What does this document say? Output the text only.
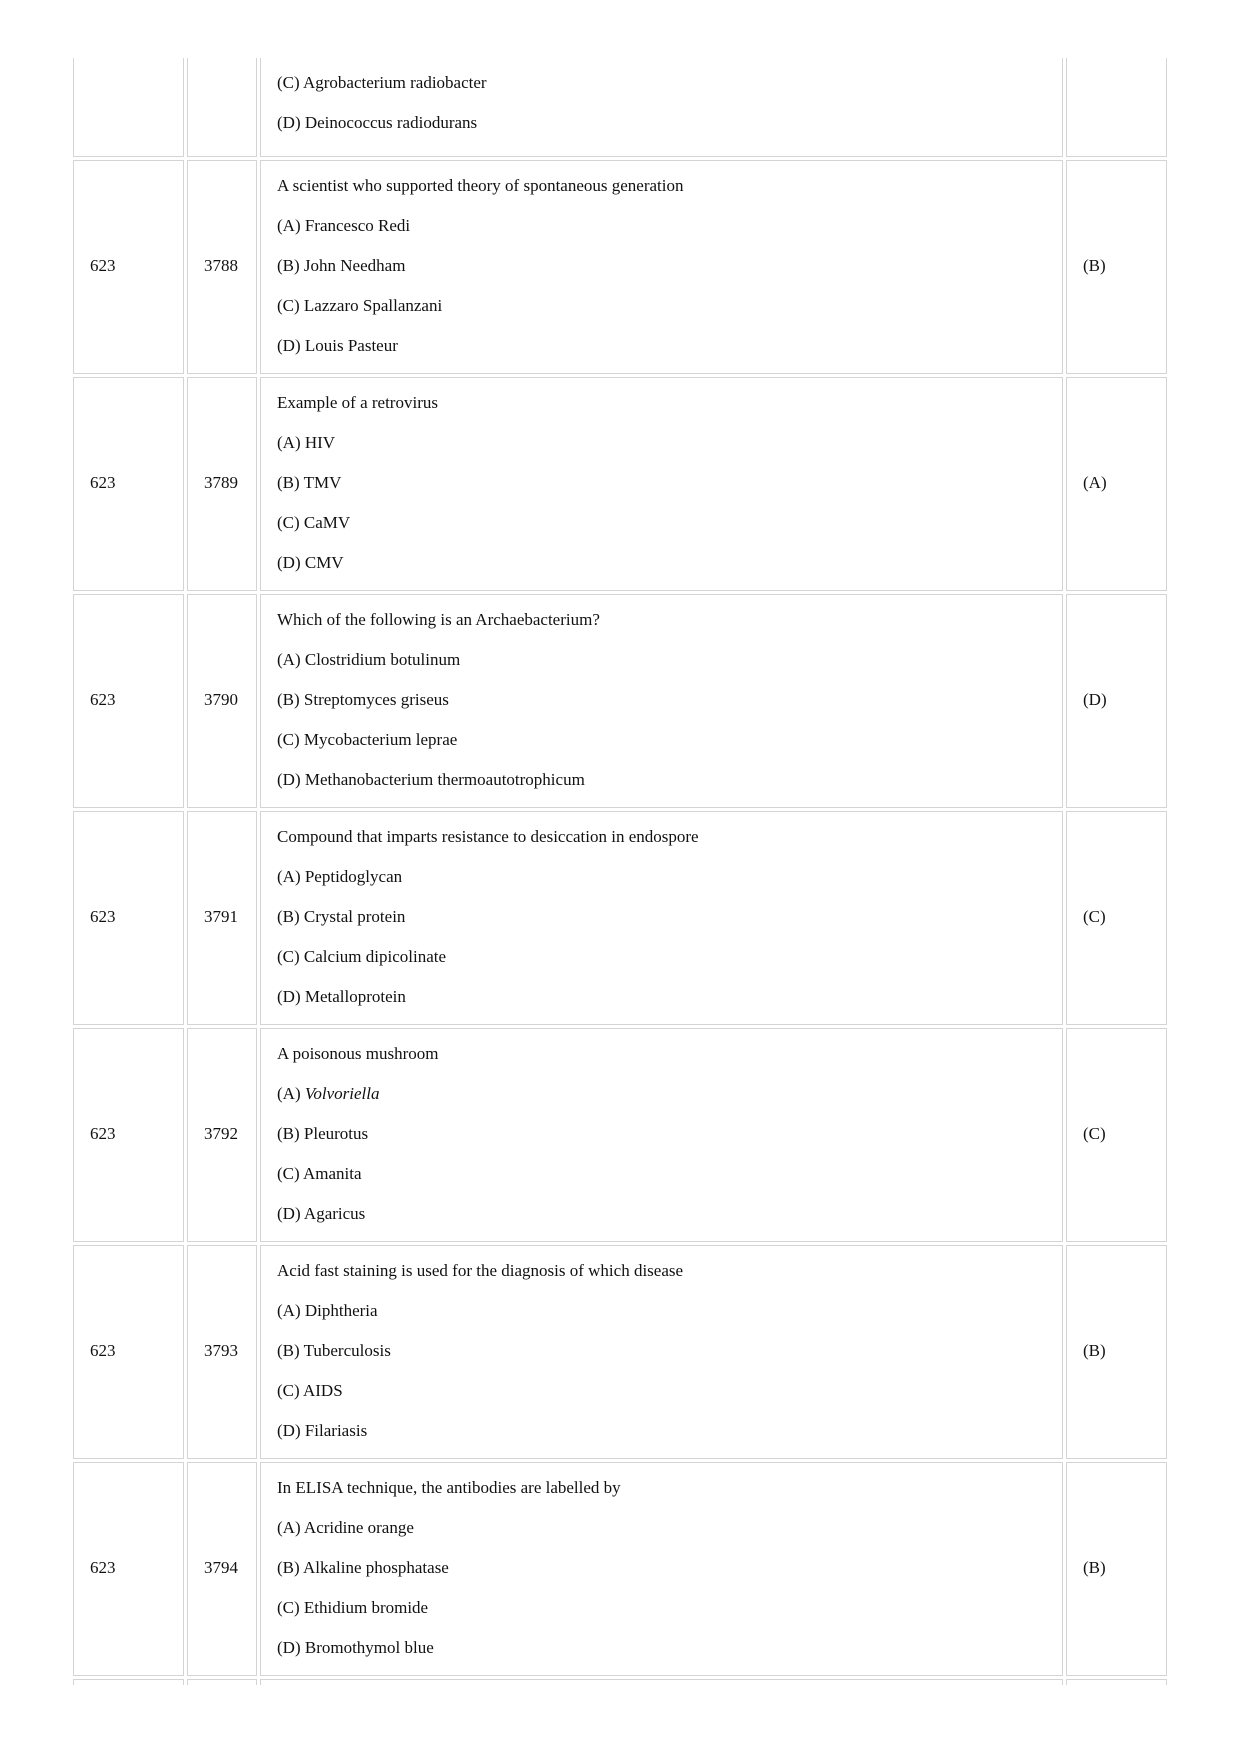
(C) Agrobacterium radiobacter
(D) Deinococcus radiodurans
623	3788
A scientist who supported theory of spontaneous generation
(A) Francesco Redi
(B) John Needham
(C) Lazzaro Spallanzani
(D) Louis Pasteur
(B)
623	3789
Example of a retrovirus
(A) HIV
(B) TMV
(C) CaMV
(D) CMV
(A)
623	3790
Which of the following is an Archaebacterium?
(A) Clostridium botulinum
(B) Streptomyces griseus
(C) Mycobacterium leprae
(D) Methanobacterium thermoautotrophicum
(D)
623	3791
Compound that imparts resistance to desiccation in endospore
(A) Peptidoglycan
(B) Crystal protein
(C) Calcium dipicolinate
(D) Metalloprotein
(C)
623	3792
A poisonous mushroom
(A) Volvoriella
(B) Pleurotus
(C) Amanita
(D) Agaricus
(C)
623	3793
Acid fast staining is used for the diagnosis of which disease
(A) Diphtheria
(B) Tuberculosis
(C) AIDS
(D) Filariasis
(B)
623	3794
In ELISA technique, the antibodies are labelled by
(A) Acridine orange
(B) Alkaline phosphatase
(C) Ethidium bromide
(D) Bromothymol blue
(B)
